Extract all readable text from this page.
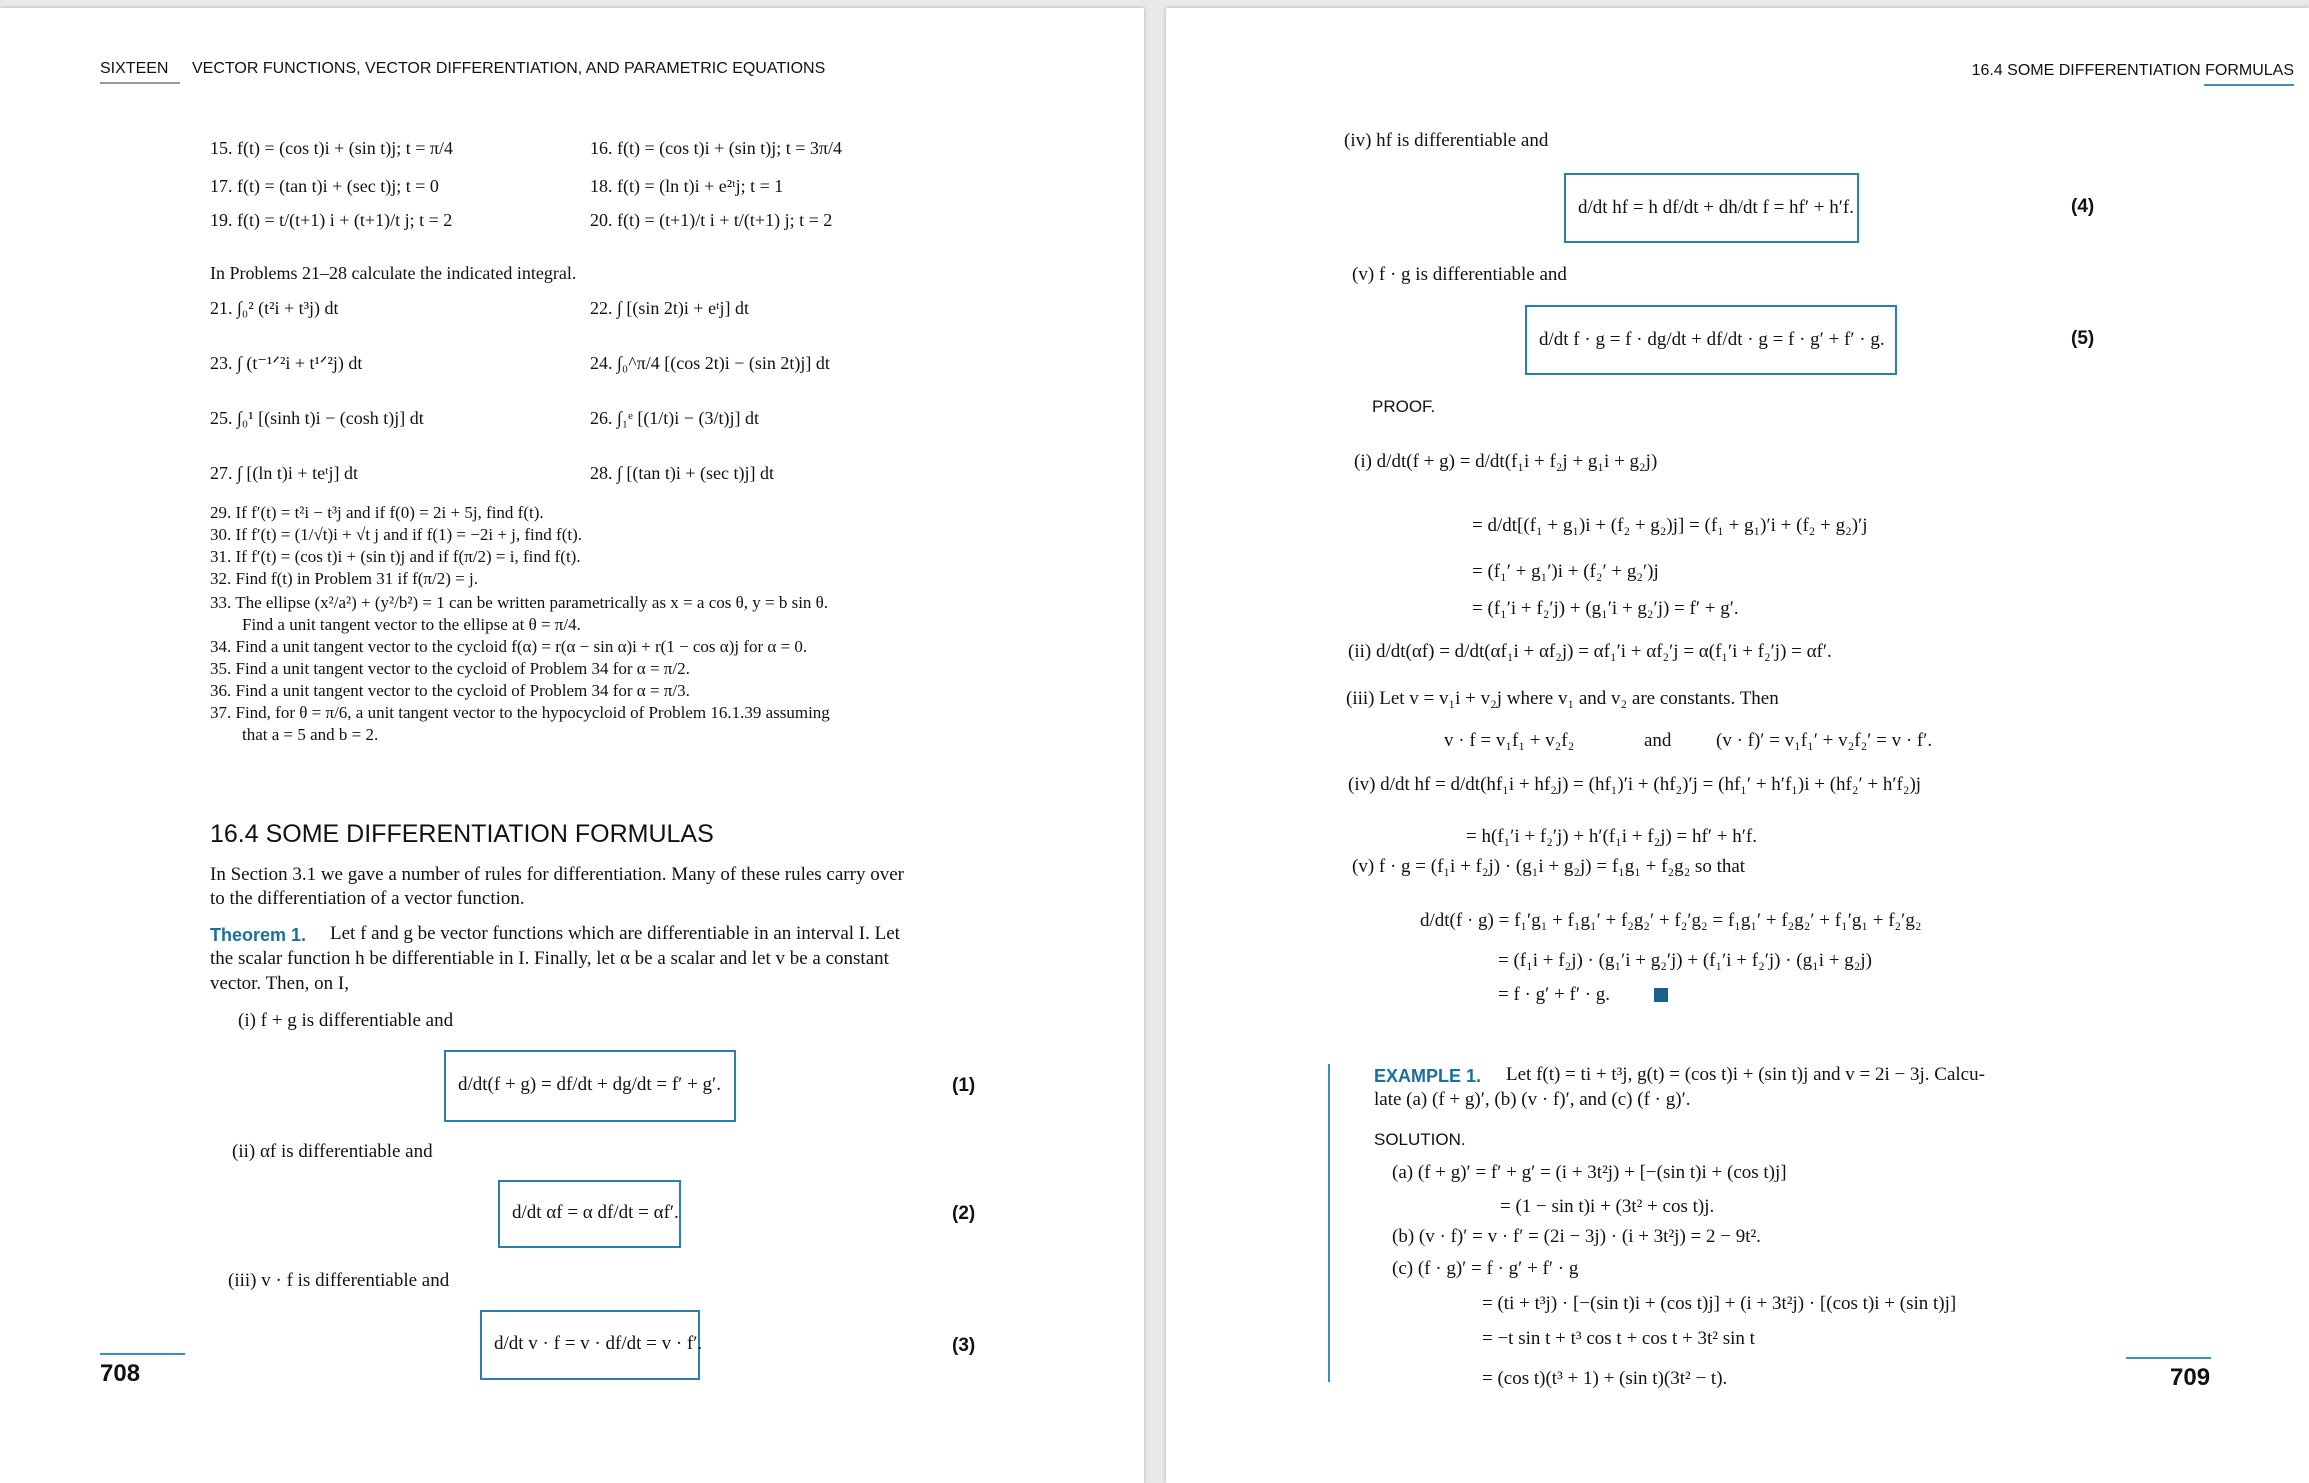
SIXTEEN VECTOR FUNCTIONS, VECTOR DIFFERENTIATION, AND PARAMETRIC EQUATIONS
15. f(t) = (cos t)i + (sin t)j; t = π/4	16. f(t) = (cos t)i + (sin t)j; t = 3π/4
17. f(t) = (tan t)i + (sec t)j; t = 0	18. f(t) = (ln t)i + e²ᵗj; t = 1
19. f(t) = t/(t+1) i + (t+1)/t j; t = 2	20. f(t) = (t+1)/t i + t/(t+1) j; t = 2
In Problems 21–28 calculate the indicated integral.
21. ∫₀² (t²i + t³j) dt	22. ∫ [(sin 2t)i + eᵗj] dt
23. ∫ (t⁻¹ᐟ²i + t¹ᐟ²j) dt	24. ∫₀^π/4 [(cos 2t)i − (sin 2t)j] dt
25. ∫₀¹ [(sinh t)i − (cosh t)j] dt	26. ∫₁ᵉ [(1/t)i − (3/t)j] dt
27. ∫ [(ln t)i + teᵗj] dt	28. ∫ [(tan t)i + (sec t)j] dt
29. If f′(t) = t²i − t³j and if f(0) = 2i + 5j, find f(t).
30. If f′(t) = (1/√t)i + √t j and if f(1) = −2i + j, find f(t).
31. If f′(t) = (cos t)i + (sin t)j and if f(π/2) = i, find f(t).
32. Find f(t) in Problem 31 if f(π/2) = j.
33. The ellipse (x²/a²) + (y²/b²) = 1 can be written parametrically as x = a cos θ, y = b sin θ.
Find a unit tangent vector to the ellipse at θ = π/4.
34. Find a unit tangent vector to the cycloid f(α) = r(α − sin α)i + r(1 − cos α)j for α = 0.
35. Find a unit tangent vector to the cycloid of Problem 34 for α = π/2.
36. Find a unit tangent vector to the cycloid of Problem 34 for α = π/3.
37. Find, for θ = π/6, a unit tangent vector to the hypocycloid of Problem 16.1.39 assuming
that a = 5 and b = 2.
16.4 SOME DIFFERENTIATION FORMULAS
In Section 3.1 we gave a number of rules for differentiation. Many of these rules carry over
to the differentiation of a vector function.
Theorem 1. Let f and g be vector functions which are differentiable in an interval I. Let
the scalar function h be differentiable in I. Finally, let α be a scalar and let v be a constant
vector. Then, on I,
(i) f + g is differentiable and
d/dt(f + g) = df/dt + dg/dt = f′ + g′.	(1)
(ii) αf is differentiable and
d/dt αf = α df/dt = αf′.	(2)
(iii) v · f is differentiable and
d/dt v · f = v · df/dt = v · f′.	(3)
708
16.4 SOME DIFFERENTIATION FORMULAS
(iv) hf is differentiable and
d/dt hf = h df/dt + dh/dt f = hf′ + h′f.	(4)
(v) f · g is differentiable and
d/dt f · g = f · dg/dt + df/dt · g = f · g′ + f′ · g.	(5)
PROOF.
(i) d/dt(f + g) = d/dt(f₁i + f₂j + g₁i + g₂j)
= d/dt[(f₁ + g₁)i + (f₂ + g₂)j] = (f₁ + g₁)′i + (f₂ + g₂)′j
= (f₁′ + g₁′)i + (f₂′ + g₂′)j
= (f₁′i + f₂′j) + (g₁′i + g₂′j) = f′ + g′.
(ii) d/dt(αf) = d/dt(αf₁i + αf₂j) = αf₁′i + αf₂′j = α(f₁′i + f₂′j) = αf′.
(iii) Let v = v₁i + v₂j where v₁ and v₂ are constants. Then
v · f = v₁f₁ + v₂f₂	and (v · f)′ = v₁f₁′ + v₂f₂′ = v · f′.
(iv) d/dt hf = d/dt(hf₁i + hf₂j) = (hf₁)′i + (hf₂)′j = (hf₁′ + h′f₁)i + (hf₂′ + h′f₂)j
= h(f₁′i + f₂′j) + h′(f₁i + f₂j) = hf′ + h′f.
(v) f · g = (f₁i + f₂j) · (g₁i + g₂j) = f₁g₁ + f₂g₂ so that
d/dt(f · g) = f₁′g₁ + f₁g₁′ + f₂g₂′ + f₂′g₂ = f₁g₁′ + f₂g₂′ + f₁′g₁ + f₂′g₂
= (f₁i + f₂j) · (g₁′i + g₂′j) + (f₁′i + f₂′j) · (g₁i + g₂j)
= f · g′ + f′ · g.
EXAMPLE 1. Let f(t) = ti + t³j, g(t) = (cos t)i + (sin t)j and v = 2i − 3j. Calcu-
late (a) (f + g)′, (b) (v · f)′, and (c) (f · g)′.
SOLUTION.
(a) (f + g)′ = f′ + g′ = (i + 3t²j) + [−(sin t)i + (cos t)j]
= (1 − sin t)i + (3t² + cos t)j.
(b) (v · f)′ = v · f′ = (2i − 3j) · (i + 3t²j) = 2 − 9t².
(c) (f · g)′ = f · g′ + f′ · g
= (ti + t³j) · [−(sin t)i + (cos t)j] + (i + 3t²j) · [(cos t)i + (sin t)j]
= −t sin t + t³ cos t + cos t + 3t² sin t
= (cos t)(t³ + 1) + (sin t)(3t² − t).	709
